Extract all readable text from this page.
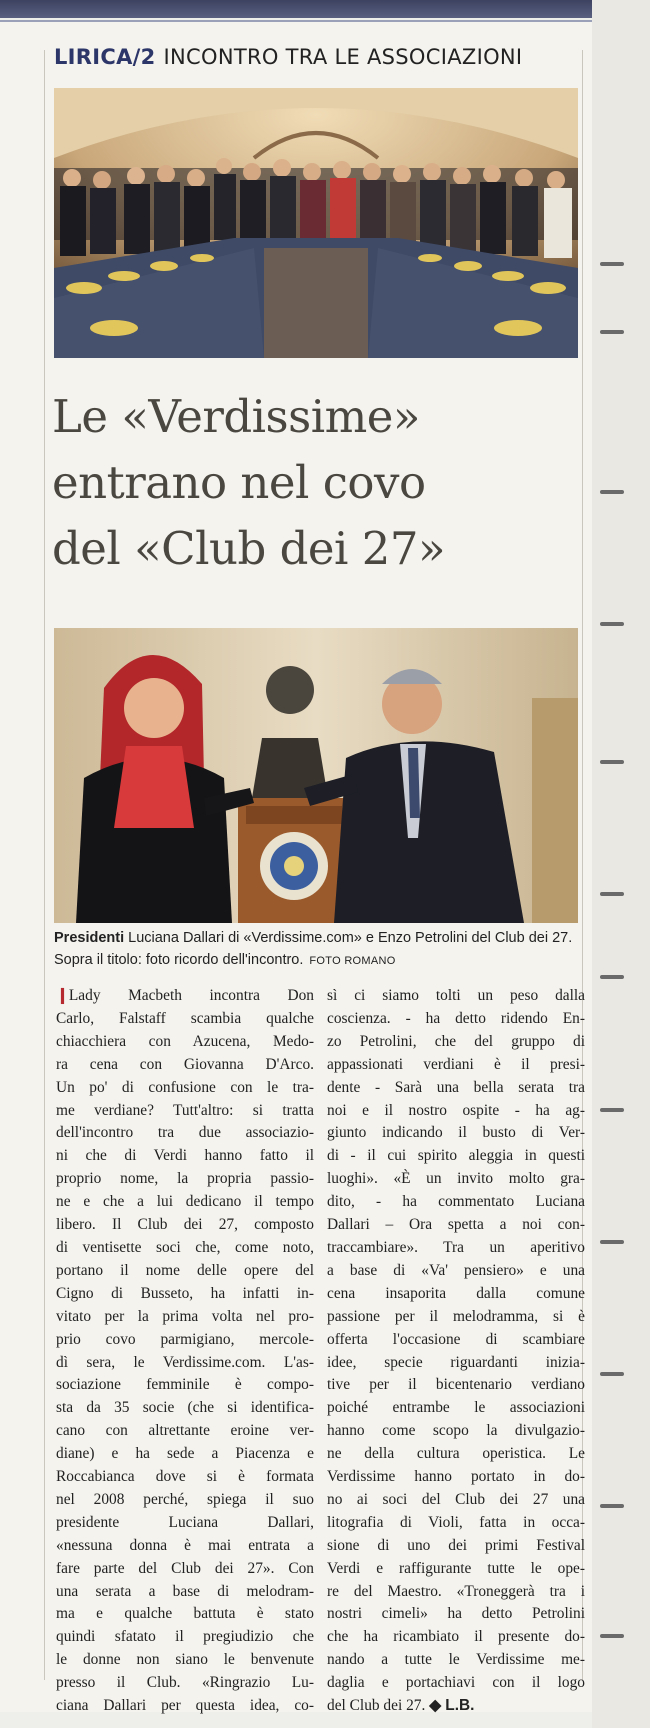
LIRICA/2 INCONTRO TRA LE ASSOCIAZIONI
Le «Verdissime»
entrano nel covo
del «Club dei 27»
Presidenti Luciana Dallari di «Verdissime.com» e Enzo Petrolini del Club dei 27. Sopra il titolo: foto ricordo dell'incontro. FOTO ROMANO
❙Lady Macbeth incontra Don
Carlo, Falstaff scambia qualche
chiacchiera con Azucena, Medo-
ra cena con Giovanna D'Arco.
Un po' di confusione con le tra-
me verdiane? Tutt'altro: si tratta
dell'incontro tra due associazio-
ni che di Verdi hanno fatto il
proprio nome, la propria passio-
ne e che a lui dedicano il tempo
libero. Il Club dei 27, composto
di ventisette soci che, come noto,
portano il nome delle opere del
Cigno di Busseto, ha infatti in-
vitato per la prima volta nel pro-
prio covo parmigiano, mercole-
dì sera, le Verdissime.com. L'as-
sociazione femminile è compo-
sta da 35 socie (che si identifica-
cano con altrettante eroine ver-
diane) e ha sede a Piacenza e
Roccabianca dove si è formata
nel 2008 perché, spiega il suo
presidente Luciana Dallari,
«nessuna donna è mai entrata a
fare parte del Club dei 27». Con
una serata a base di melodram-
ma e qualche battuta è stato
quindi sfatato il pregiudizio che
le donne non siano le benvenute
presso il Club. «Ringrazio Lu-
ciana Dallari per questa idea, co-
sì ci siamo tolti un peso dalla
coscienza. - ha detto ridendo En-
zo Petrolini, che del gruppo di
appassionati verdiani è il presi-
dente - Sarà una bella serata tra
noi e il nostro ospite - ha ag-
giunto indicando il busto di Ver-
di - il cui spirito aleggia in questi
luoghi». «È un invito molto gra-
dito, - ha commentato Luciana
Dallari – Ora spetta a noi con-
traccambiare». Tra un aperitivo
a base di «Va' pensiero» e una
cena insaporita dalla comune
passione per il melodramma, si è
offerta l'occasione di scambiare
idee, specie riguardanti inizia-
tive per il bicentenario verdiano
poiché entrambe le associazioni
hanno come scopo la divulgazio-
ne della cultura operistica. Le
Verdissime hanno portato in do-
no ai soci del Club dei 27 una
litografia di Violi, fatta in occa-
sione di uno dei primi Festival
Verdi e raffigurante tutte le ope-
re del Maestro. «Troneggerà tra i
nostri cimeli» ha detto Petrolini
che ha ricambiato il presente do-
nando a tutte le Verdissime me-
daglia e portachiavi con il logo
del Club dei 27. ◆ L.B.
